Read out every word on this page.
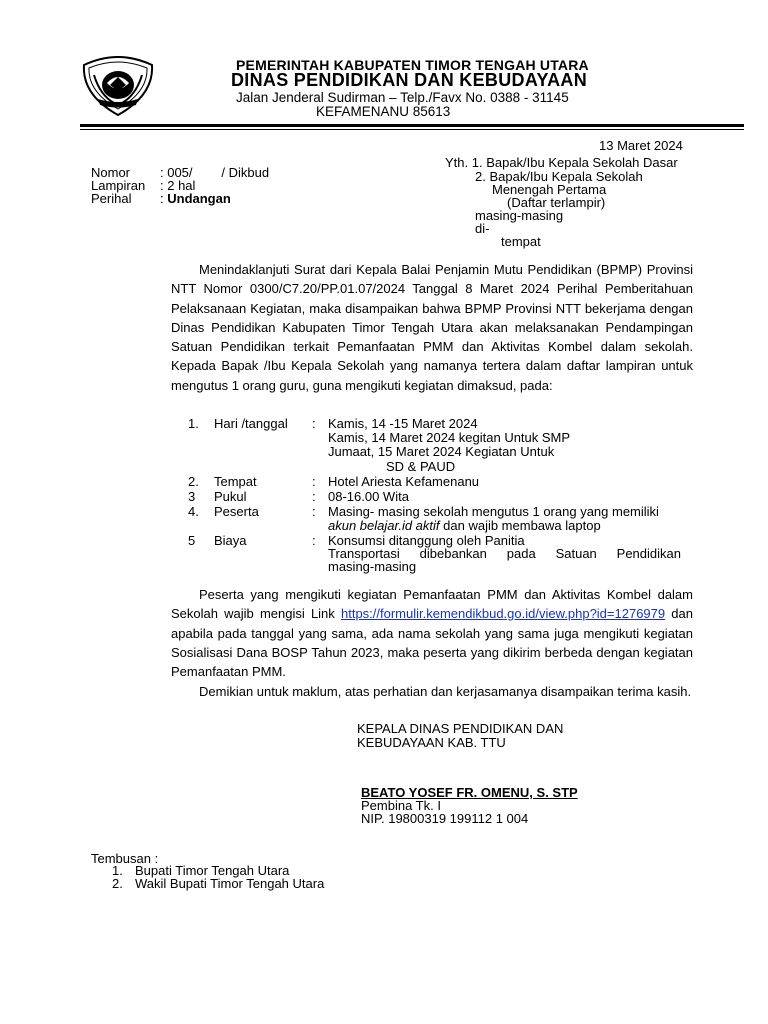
PEMERINTAH KABUPATEN TIMOR TENGAH UTARA
DINAS PENDIDIKAN DAN KEBUDAYAAN
Jalan Jenderal Sudirman – Telp./Favx No. 0388 - 31145
KEFAMENANU 85613
13 Maret 2024
Nomor : 005/        / Dikbud
Lampiran : 2 hal
Perihal : Undangan
Yth. 1. Bapak/Ibu Kepala Sekolah Dasar
2. Bapak/Ibu Kepala Sekolah
Menengah Pertama
(Daftar terlampir)
masing-masing
di-
tempat
Menindaklanjuti Surat dari Kepala Balai Penjamin Mutu Pendidikan (BPMP) Provinsi NTT Nomor 0300/C7.20/PP.01.07/2024 Tanggal 8 Maret 2024 Perihal Pemberitahuan Pelaksanaan Kegiatan, maka disampaikan bahwa BPMP Provinsi NTT bekerjama dengan Dinas Pendidikan Kabupaten Timor Tengah Utara akan melaksanakan Pendampingan Satuan Pendidikan terkait Pemanfaatan PMM dan Aktivitas Kombel dalam sekolah. Kepada Bapak /Ibu Kepala Sekolah yang namanya tertera dalam daftar lampiran untuk mengutus 1 orang guru, guna mengikuti kegiatan dimaksud, pada:
1. Hari /tanggal : Kamis, 14 -15 Maret 2024
Kamis, 14 Maret 2024 kegitan Untuk SMP
Jumaat, 15 Maret 2024 Kegiatan Untuk
SD & PAUD
2. Tempat	: Hotel Ariesta Kefamenanu
3 Pukul	: 08-16.00 Wita
4. Peserta	: Masing- masing sekolah mengutus 1 orang yang memiliki
akun belajar.id aktif dan wajib membawa laptop
5 Biaya	: Konsumsi ditanggung oleh Panitia
Transportasi dibebankan pada Satuan Pendidikan
masing-masing
Peserta yang mengikuti kegiatan Pemanfaatan PMM dan Aktivitas Kombel dalam Sekolah wajib mengisi Link https://formulir.kemendikbud.go.id/view.php?id=1276979 dan apabila pada tanggal yang sama, ada nama sekolah yang sama juga mengikuti kegiatan Sosialisasi Dana BOSP Tahun 2023, maka peserta yang dikirim berbeda dengan kegiatan Pemanfaatan PMM.
Demikian untuk maklum, atas perhatian dan kerjasamanya disampaikan terima kasih.
KEPALA DINAS PENDIDIKAN DAN
KEBUDAYAAN KAB. TTU
BEATO YOSEF FR. OMENU, S. STP
Pembina Tk. I
NIP. 19800319 199112 1 004
Tembusan :
1. Bupati Timor Tengah Utara
2. Wakil Bupati Timor Tengah Utara
